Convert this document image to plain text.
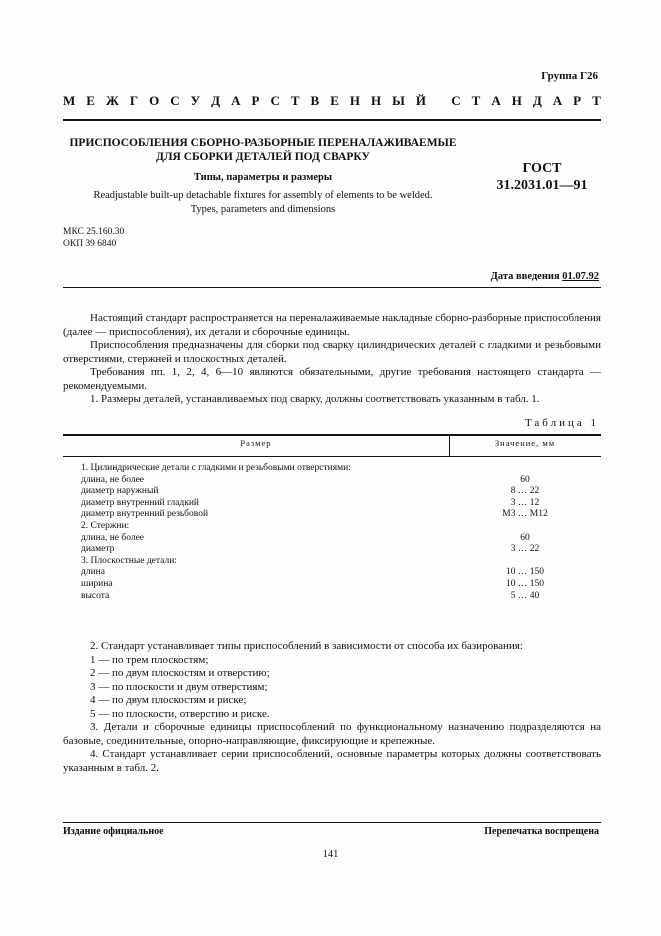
Группа Г26
М Е Ж Г О С У Д А Р С Т В Е Н Н Ы Й
С Т А Н Д А Р Т
ПРИСПОСОБЛЕНИЯ СБОРНО-РАЗБОРНЫЕ ПЕРЕНАЛАЖИВАЕМЫЕ
ДЛЯ СБОРКИ ДЕТАЛЕЙ ПОД СВАРКУ
Типы, параметры и размеры
Readjustable built-up detachable fixtures for assembly of elements to be welded.
Types, parameters and dimensions
ГОСТ
31.2031.01—91
МКС 25.160.30
ОКП 39 6840
Дата введения 01.07.92

Настоящий стандарт распространяется на переналаживаемые накладные сборно-разборные приспособления (далее — приспособления), их детали и сборочные единицы.

Приспособления предназначены для сборки под сварку цилиндрических деталей с гладкими и резьбовыми отверстиями, стержней и плоскостных деталей.

Требования пп. 1, 2, 4, 6—10 являются обязательными, другие требования настоящего стандарта — рекомендуемыми.

1. Размеры деталей, устанавливаемых под сварку, должны соответствовать указанным в табл. 1.

Таблица 1
Размер	Значение, мм
1. Цилиндрические детали с гладкими и резьбовыми отверстиями:
длина, не более	60
диаметр наружный	8 … 22
диаметр внутренний гладкий	3 … 12
диаметр внутренний резьбовой	М3 … М12
2. Стержни:
длина, не более	60
диаметр	3 … 22
3. Плоскостные детали:
длина	10 … 150
ширина	10 … 150
высота	5 … 40

2. Стандарт устанавливает типы приспособлений в зависимости от способа их базирования:

1 — по трем плоскостям;

2 — по двум плоскостям и отверстию;

3 — по плоскости и двум отверстиям;

4 — по двум плоскостям и риске;

5 — по плоскости, отверстию и риске.

3. Детали и сборочные единицы приспособлений по функциональному назначению подразделяются на базовые, соединительные, опорно-направляющие, фиксирующие и крепежные.

4. Стандарт устанавливает серии приспособлений, основные параметры которых должны соответствовать указанным в табл. 2.

Издание официальное	Перепечатка воспрещена
141
